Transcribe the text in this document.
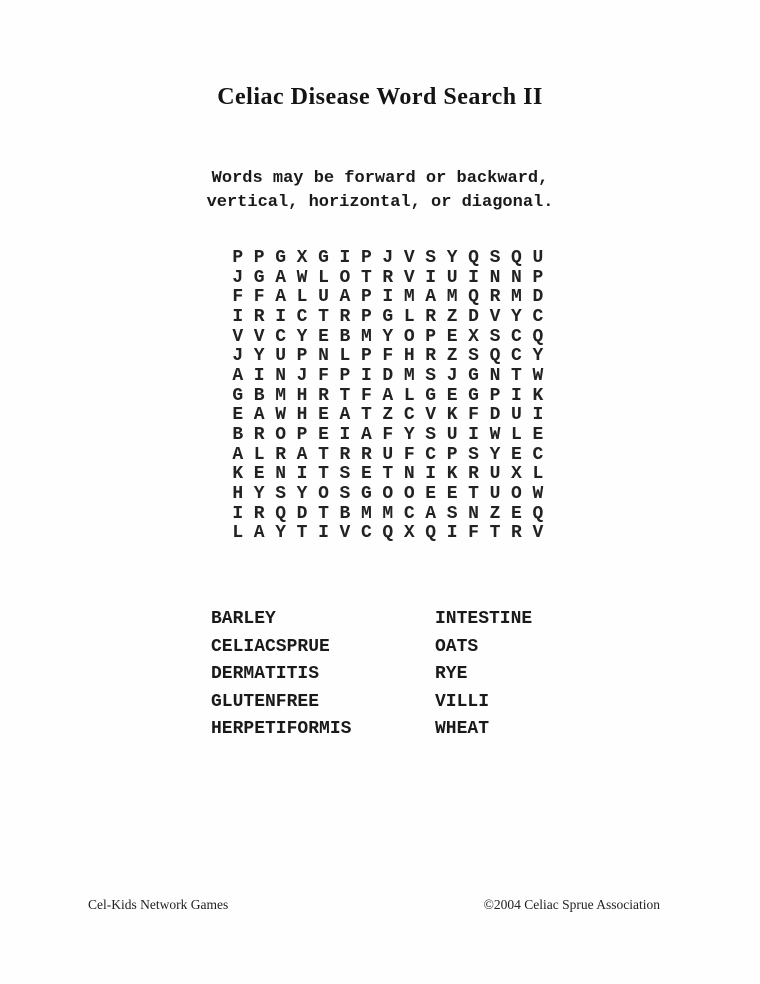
Celiac Disease Word Search II
Words may be forward or backward,
vertical, horizontal, or diagonal.
P P G X G I P J V S Y Q S Q U
J G A W L O T R V I U I N N P
F F A L U A P I M A M Q R M D
I R I C T R P G L R Z D V Y C
V V C Y E B M Y O P E X S C Q
J Y U P N L P F H R Z S Q C Y
A I N J F P I D M S J G N T W
G B M H R T F A L G E G P I K
E A W H E A T Z C V K F D U I
B R O P E I A F Y S U I W L E
A L R A T R R U F C P S Y E C
K E N I T S E T N I K R U X L
H Y S Y O S G O O E E T U O W
I R Q D T B M M C A S N Z E Q
L A Y T I V C Q X Q I F T R V
BARLEY
CELIACSPRUE
DERMATITIS
GLUTENFREE
HERPETIFORMIS
INTESTINE
OATS
RYE
VILLI
WHEAT
Cel-Kids Network Games	©2004 Celiac Sprue Association
